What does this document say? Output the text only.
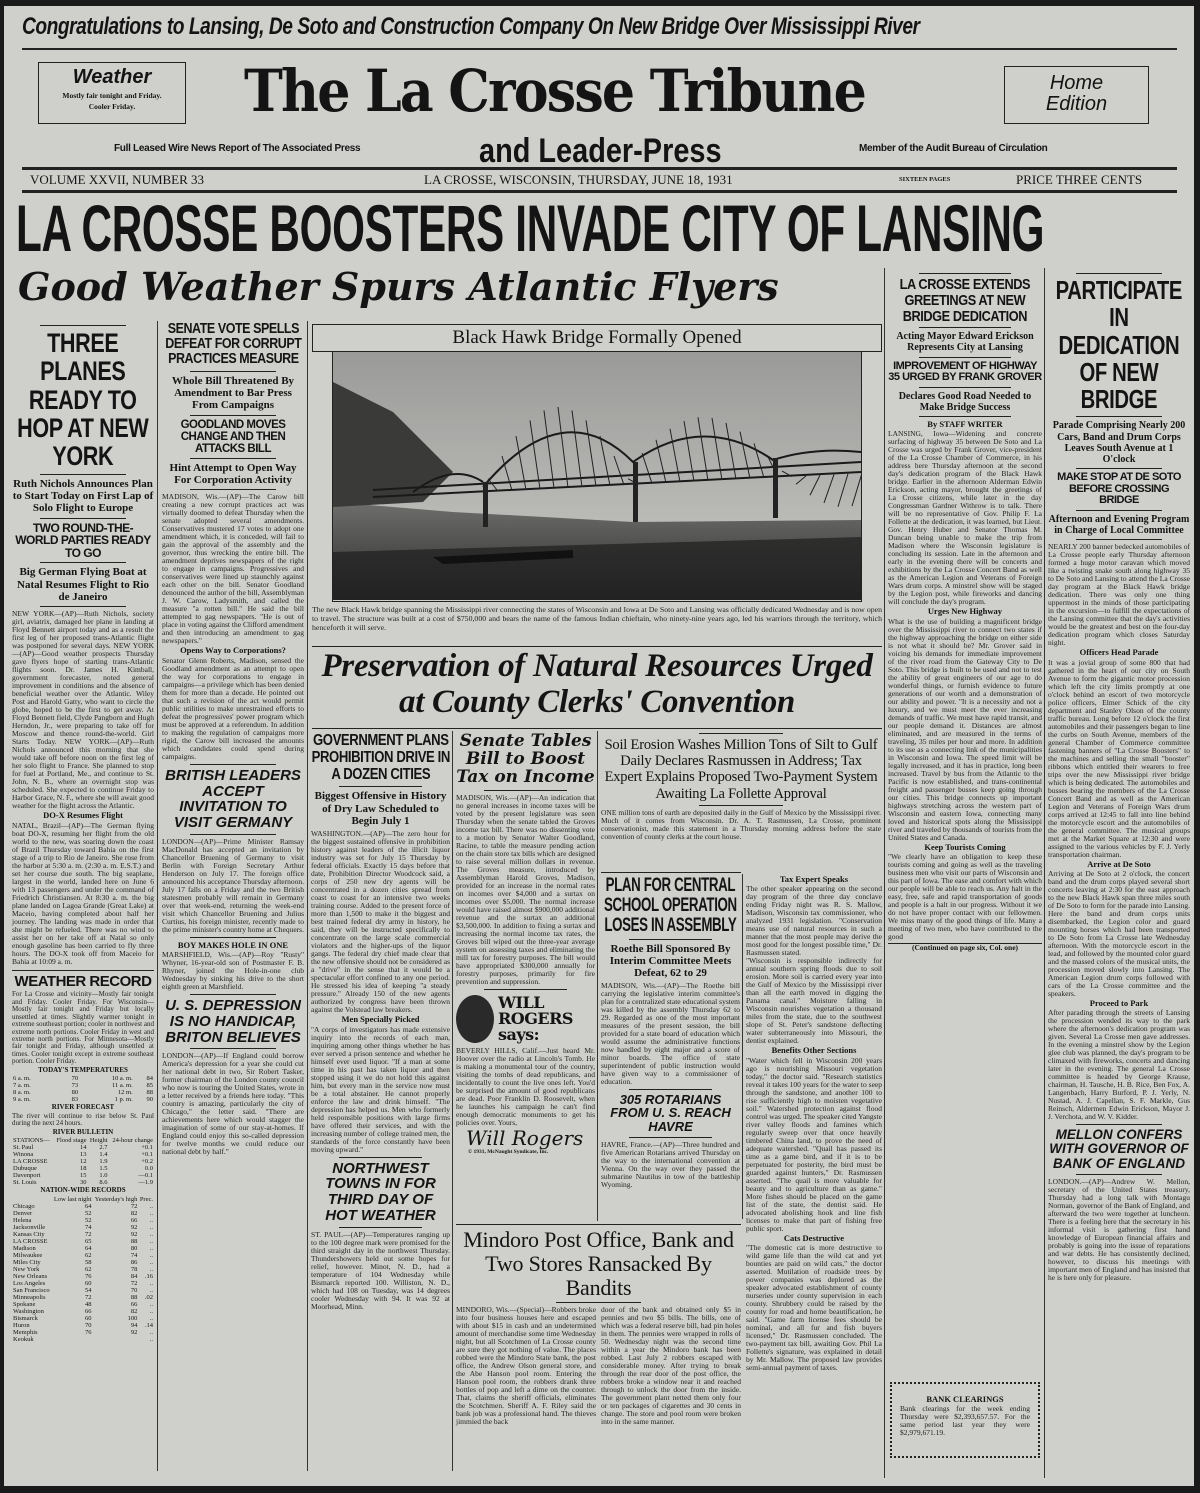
Congratulations to Lansing, De Soto and Construction Company On New Bridge Over Mississippi River
Weather
Mostly fair tonight and Friday. Cooler Friday.	The La Crosse Tribune	Home Edition
Full Leased Wire News Report of The Associated Press	and Leader-Press	Member of the Audit Bureau of Circulation
VOLUME XXVII, NUMBER 33	LA CROSSE, WISCONSIN, THURSDAY, JUNE 18, 1931	SIXTEEN PAGES	PRICE THREE CENTS
LA CROSSE BOOSTERS INVADE CITY OF LANSING
Good Weather Spurs Atlantic Flyers
THREE PLANES READY TO HOP AT NEW YORK
Ruth Nichols Announces Plan to Start Today on First Lap of Solo Flight to Europe
TWO ROUND-THE-WORLD PARTIES READY TO GO
Big German Flying Boat at Natal Resumes Flight to Rio de Janeiro
NEW YORK—(AP)—Ruth Nichols, society girl, aviatrix, damaged her plane in landing at Floyd Bennett airport today and as a result the first leg of her proposed trans-Atlantic flight was postponed for several days. NEW YORK—(AP)—Good weather prospects Thursday gave flyers hope of starting trans-Atlantic flights soon. Dr. James H. Kimball, government forecaster, noted general improvement in conditions and the absence of beneficial weather over the Atlantic. Wiley Post and Harold Gatty, who want to circle the globe, hoped to be the first to get away. At Floyd Bennett field, Clyde Pangborn and Hugh Herndon, Jr., were preparing to take off for Moscow and thence round-the-world. Girl Starts Today. NEW YORK—(AP)—Ruth Nichols announced this morning that she would take off before noon on the first leg of her solo flight to France. She planned to stop for fuel at Portland, Me., and continue to St. John, N. B., where an overnight stop was scheduled. She expected to continue Friday to Harbor Grace, N. F., where she will await good weather for the flight across the Atlantic.
DO-X Resumes Flight
NATAL, Brazil—(AP)—The German flying boat DO-X, resuming her flight from the old world to the new, was soaring down the coast of Brazil Thursday toward Bahia on the first stage of a trip to Rio de Janeiro. She rose from the harbor at 5:30 a. m. (2:30 a. m. E.S.T.) and set her course due south. The big seaplane, largest in the world, landed here on June 6 with 13 passengers and under the command of Friedrich Christiansen. At 8:30 a. m. the big plane landed on Lagoa Grande (Great Lake) at Maceio, having completed about half her journey. The landing was made in order that she might be refueled. There was no wind to assist her on her take off at Natal so only enough gasoline has been carried to fly three hours. The DO-X took off from Maceio for Bahia at 10:09 a. m.
WEATHER RECORD
For La Crosse and vicinity—Mostly fair tonight and Friday. Cooler Friday. For Wisconsin—Mostly fair tonight and Friday but locally unsettled at times. Slightly warmer tonight in extreme southeast portion; cooler in northwest and extreme north portions. Cooler Friday in west and extreme north portions. For Minnesota—Mostly fair tonight and Friday, although unsettled at times. Cooler tonight except in extreme southeast portion. Cooler Friday.
TODAY'S TEMPERATURES
6 a. m.	70	10 a. m.	84
7 a. m.	73	11 a. m.	85
8 a. m.	80	12 m.	88
9 a. m.	83	1 p. m.	90
RIVER FORECAST
The river will continue to rise below St. Paul during the next 24 hours.
RIVER BULLETIN
STATIONS—	Flood stage	Height	24-hour change
St. Paul	14	2.7	+0.1
Winona	13	1.4	+0.1
LA CROSSE	12	1.9	+0.2
Dubuque	18	1.5	0.0
Davenport	15	1.0	—0.1
St. Louis	30	8.6	—1.9
NATION-WIDE RECORDS
	Low last night	Yesterday's high	Prec.
Chicago	64	72	..
Denver	52	82	..
Helena	52	66	..
Jacksonville	74	92	..
Kansas City	72	92	..
LA CROSSE	65	88	..
Madison	64	80	..
Milwaukee	62	74	..
Miles City	58	86	..
New York	62	78	..
New Orleans	76	84	.16
Los Angeles	60	72	..
San Francisco	54	70	..
Minneapolis	72	88	.02
Spokane	48	66	..
Washington	66	82	..
Bismarck	60	100	..
Huron	70	94	.14
Memphis	76	92	..
Keokuk			..
SENATE VOTE SPELLS DEFEAT FOR CORRUPT PRACTICES MEASURE
Whole Bill Threatened By Amendment to Bar Press From Campaigns
GOODLAND MOVES CHANGE AND THEN ATTACKS BILL
Hint Attempt to Open Way For Corporation Activity
MADISON, Wis.—(AP)—The Carow bill creating a new corrupt practices act was virtually doomed to defeat Thursday when the senate adopted several amendments. Conservatives mustered 17 votes to adopt one amendment which, it is conceded, will fail to gain the approval of the assembly and the governor, thus wrecking the entire bill. The amendment deprives newspapers of the right to engage in campaigns. Progressives and conservatives were lined up staunchly against each other on the bill. Senator Goodland denounced the author of the bill, Assemblyman J. W. Carow, Ladysmith, and called the measure "a rotten bill." He said the bill attempted to gag newspapers. "He is out of place in voting against the Clifford amendment and then introducing an amendment to gag newspapers."
Opens Way to Corporations?
Senator Glenn Roberts, Madison, sensed the Goodland amendment as an attempt to open the way for corporations to engage in campaigns—a privilege which has been denied them for more than a decade. He pointed out that such a revision of the act would permit public utilities to make unrestrained efforts to defeat the progressives' power program which must be approved at a referendum. In addition to making the regulation of campaigns more rigid, the Carow bill increased the amounts which candidates could spend during campaigns.
BRITISH LEADERS ACCEPT INVITATION TO VISIT GERMANY
LONDON—(AP)—Prime Minister Ramsay MacDonald has accepted an invitation by Chancellor Bruening of Germany to visit Berlin with Foreign Secretary Arthur Henderson on July 17. The foreign office announced his acceptance Thursday afternoon. July 17 falls on a Friday and the two British statesmen probably will remain in Germany over that week-end, returning the week-end visit which Chancellor Bruening and Julius Curtius, his foreign minister, recently made to the prime minister's country home at Chequers.
BOY MAKES HOLE IN ONE
MARSHFIELD, Wis.—(AP)—Roy "Rusty" Whyner, 16-year-old son of Postmaster F. B. Rhyner, joined the Hole-in-one club Wednesday by sinking his drive to the short eighth green at Marshfield.
U. S. DEPRESSION IS NO HANDICAP, BRITON BELIEVES
LONDON—(AP)—If England could borrow America's depression for a year she could cut her national debt in two, Sir Robert Tasker, former chairman of the London county council who now is touring the United States, wrote in a letter received by a friends here today. "This country is amazing, particularly the city of Chicago," the letter said. "There are achievements here which would stagger the imagination of some of our stay-at-homes. If England could enjoy this so-called depression for twelve months we could reduce our national debt by half."
Black Hawk Bridge Formally Opened
The new Black Hawk bridge spanning the Mississippi river connecting the states of Wisconsin and Iowa at De Soto and Lansing was officially dedicated Wednesday and is now open to travel. The structure was built at a cost of $750,000 and bears the name of the famous Indian chieftain, who ninety-nine years ago, led his warriors through the territory, which henceforth it will serve.
Preservation of Natural Resources Urged at County Clerks' Convention
GOVERNMENT PLANS PROHIBITION DRIVE IN A DOZEN CITIES
Biggest Offensive in History of Dry Law Scheduled to Begin July 1
WASHINGTON.—(AP)—The zero hour for the biggest sustained offensive in prohibition history against leaders of the illicit liquor industry was set for July 15 Thursday by federal officials. Exactly 15 days before that date, Prohibition Director Woodcock said, a corps of 250 new dry agents will be concentrated in a dozen cities spread from coast to coast for an intensive two weeks training course. Added to the present force of more than 1,500 to make it the biggest and best trained federal dry army in history, he said, they will be instructed specifically to concentrate on the large scale commercial violators and the higher-ups of the liquor gangs. The federal dry chief made clear that the new offensive should not be considered as a "drive" in the sense that it would be a spectacular effort confined to any one period. He stressed his idea of keeping "a steady pressure." Already 150 of the new agents authorized by congress have been thrown against the Volstead law breakers.
Men Specially Picked
"A corps of investigators has made extensive inquiry into the records of each man, inquiring among other things whether he has ever served a prison sentence and whether he himself ever used liquor. "If a man at some time in his past has taken liquor and then stopped using it we do not hold this against him, but every man in the service now must be a total abstainer. He cannot properly enforce the law and drink himself. "The depression has helped us. Men who formerly held responsible positions with large firms have offered their services, and with the increasing number of college trained men, the standards of the force constantly have been moving upward."
NORTHWEST TOWNS IN FOR THIRD DAY OF HOT WEATHER
ST. PAUL—(AP)—Temperatures ranging up to the 100 degree mark were promised for the third straight day in the northwest Thursday. Thundershowers held out some hopes for relief, however. Minot, N. D., had a temperature of 104 Wednesday while Bismarck reported 100. Williston, N. D., which had 108 on Tuesday, was 14 degrees cooler Wednesday with 94. It was 92 at Moorhead, Minn.
Senate Tables Bill to Boost Tax on Income
MADISON, Wis.—(AP)—An indication that no general increases in income taxes will be voted by the present legislature was seen Thursday when the senate tabled the Groves income tax bill. There was no dissenting vote to a motion by Senator Walter Goodland, Racine, to table the measure pending action on the chain store tax bills which are designed to raise several million dollars in revenue. The Groves measure, introduced by Assemblyman Harold Groves, Madison, provided for an increase in the normal rates on incomes over $4,000 and a surtax on incomes over $5,000. The normal increase would have raised almost $900,000 additional revenue and the surtax an additional $3,500,000. In addition to fixing a surtax and increasing the normal income tax rates, the Groves bill wiped out the three-year average system on assessing taxes and eliminating the mill tax for forestry purposes. The bill would have appropriated $300,000 annually for forestry purposes, primarily for fire prevention and suppression.
WILL ROGERS says:
BEVERLY HILLS, Calif.—Just heard Mr. Hoover over the radio at Lincoln's Tomb. He is making a monumental tour of the country, visiting the tombs of dead republicans, and incidentally to count the live ones left. You'd be surprised the amount of good republicans are dead. Poor Franklin D. Roosevelt, when he launches his campaign he can't find enough democratic monuments to get his policies over. Yours,
Will Rogers
© 1931, McNaught Syndicate, Inc.
Soil Erosion Washes Million Tons of Silt to Gulf Daily Declares Rasmussen in Address; Tax Expert Explains Proposed Two-Payment System Awaiting La Follette Approval
ONE million tons of earth are deposited daily in the Gulf of Mexico by the Mississippi river. Much of it comes from Wisconsin. Dr. A. T. Rasmussen, La Crosse, prominent conservationist, made this statement in a Thursday morning address before the state convention of county clerks at the court house.
Tax Expert Speaks
The other speaker appearing on the second day program of the three day conclave ending Friday night was R. S. Mallow, Madison, Wisconsin tax commissioner, who analyzed 1931 legislation. "Conservation means use of natural resources in such a manner that the most people may derive the most good for the longest possible time," Dr. Rasmussen stated.
"Wisconsin is responsible indirectly for annual southern spring floods due to soil erosion. More soil is carried every year into the Gulf of Mexico by the Mississippi river than all the earth moved in digging the Panama canal." Moisture falling in Wisconsin nourishes vegetation a thousand miles from the state, due to the southwest slope of St. Peter's sandstone deflecting water subterraneously into Missouri, the dentist explained.
Benefits Other Sections
"Water which fell in Wisconsin 200 years ago is nourishing Missouri vegetation today," the doctor said. "Research statistics reveal it takes 100 years for the water to seep through the sandstone, and another 100 to rise sufficiently high to moisten vegetative soil." Watershed protection against flood control was urged. The speaker cited Yangste river valley floods and famines which regularly sweep over that once heavily timbered China land, to prove the need of adequate watershed. "Quail has passed its time as a game bird, and if it is to be perpetuated for posterity, the bird must be guarded against hunters," Dr. Rasmussen asserted. "The quail is more valuable for beauty and to agriculture than as game." More fishes should be placed on the game list of the state, the dentist said. He advocated abolishing hook and line fish licenses to make that part of fishing free public sport.
Cats Destructive
"The domestic cat is more destructive to wild game life than the wild cat and yet bounties are paid on wild cats," the doctor asserted. Mutilation of roadside trees by power companies was deplored as the speaker advocated establishment of county nurseries under county supervision in each county. Shrubbery could be raised by the county for road and home beautification, he said. "Game farm license fees should be nominal, and all fur and fish buyers licensed," Dr. Rasmussen concluded. The two-payment tax bill, awaiting Gov. Phil La Follette's signature, was explained in detail by Mr. Mallow. The proposed law provides semi-annual payment of taxes.
PLAN FOR CENTRAL SCHOOL OPERATION LOSES IN ASSEMBLY
Roethe Bill Sponsored By Interim Committee Meets Defeat, 62 to 29
MADISON, Wis.—(AP)—The Roethe bill carrying the legislative interim committee's plan for a centralized state educational system was killed by the assembly Thursday 62 to 29. Regarded as one of the most important measures of the present session, the bill provided for a state board of education which would assume the administrative functions now handled by eight major and a score of minor boards. The office of state superintendent of public instruction would have given way to a commissioner of education.
305 ROTARIANS FROM U. S. REACH HAVRE
HAVRE, France.—(AP)—Three hundred and five American Rotarians arrived Thursday on the way to the international convention at Vienna. On the way over they passed the submarine Nautilus in tow of the battleship Wyoming.
Mindoro Post Office, Bank and Two Stores Ransacked By Bandits
MINDORO, Wis.—(Special)—Robbers broke into four business houses here and escaped with about $15 in cash and an undetermined amount of merchandise some time Wednesday night, but all Scotchmen of La Crosse county are sure they got nothing of value. The places robbed were the Mindoro State bank, the post office, the Andrew Olson general store, and the Abe Hanson pool room. Entering the Hanson pool room, the robbers drank three bottles of pop and left a dime on the counter. That, claims the sheriff officials, eliminates the Scotchmen. Sheriff A. F. Riley said the bank job was a professional hand. The thieves jimmied the back
door of the bank and obtained only $5 in pennies and two $5 bills. The bills, one of which was a federal reserve bill, had pin holes in them. The pennies were wrapped in rolls of 50. Wednesday night was the second time within a year the Mindoro bank has been robbed. Last July 2 robbers escaped with considerable money. After trying to break through the rear door of the post office, the robbers broke a window near it and reached through to unlock the door from the inside. The government plant netted them only four or ten packages of cigarettes and 30 cents in change. The store and pool room were broken into in the same manner.
LA CROSSE EXTENDS GREETINGS AT NEW BRIDGE DEDICATION
Acting Mayor Edward Erickson Represents City at Lansing
IMPROVEMENT OF HIGHWAY 35 URGED BY FRANK GROVER
Declares Good Road Needed to Make Bridge Success
By STAFF WRITER
LANSING, Iowa—Widening and concrete surfacing of highway 35 between De Soto and La Crosse was urged by Frank Grover, vice-president of the La Crosse Chamber of Commerce, in his address here Thursday afternoon at the second day's dedication program of the Black Hawk bridge. Earlier in the afternoon Alderman Edwin Erickson, acting mayor, brought the greetings of La Crosse citizens, while later in the day Congressman Gardner Withrow is to talk. There will be no representative of Gov. Philip F. La Follette at the dedication, it was learned, but Lieut. Gov. Henry Huber and Senator Thomas M. Duncan being unable to make the trip from Madison where the Wisconsin legislature is concluding its session. Late in the afternoon and early in the evening there will be concerts and exhibitions by the La Crosse Concert Band as well as the American Legion and Veterans of Foreign Wars drum corps. A minstrel show will be staged by the Legion post, while fireworks and dancing will conclude the day's program.
Urges New Highway
What is the use of building a magnificent bridge over the Mississippi river to connect two states if the highway approaching the bridge on either side is not what it should be? Mr. Grover said in voicing his demands for immediate improvement of the river road from the Gateway City to De Soto. This bridge is built to be used and not to test the ability of great engineers of our age to do wonderful things, or furnish evidence to future generations of our worth and a demonstration of our ability and power. "It is a necessity and not a luxury, and we must meet the ever increasing demands of traffic. We must have rapid transit, and our people demand it. Distances are almost eliminated, and are measured in the terms of traveling, 35 miles per hour and more. In addition to its use as a connecting link of the municipalities in Wisconsin and Iowa. The speed limit will be legally increased, and it has in practice, long been increased. Travel by bus from the Atlantic to the Pacific is now established, and trans-continental freight and passenger busses keep going through our cities. This bridge connects up important highways stretching across the western part of Wisconsin and eastern Iowa, connecting many loved and historical spots along the Mississippi river and traveled by thousands of tourists from the United States and Canada.
Keep Tourists Coming
"We clearly have an obligation to keep these tourists coming and going as well as the traveling business men who visit our parts of Wisconsin and this part of Iowa. The ease and comfort with which our people will be able to reach us. Any halt in the easy, free, safe and rapid transportation of goods and people is a halt in our progress. Without it we do not have proper contact with our fellowmen. We miss many of the good things of life. Many a meeting of two men, who have contributed to the good
(Continued on page six, Col. one)
BANK CLEARINGS
Bank clearings for the week ending Thursday were $2,393,657.57. For the same period last year they were $2,979,671.19.
PARTICIPATE IN DEDICATION OF NEW BRIDGE
Parade Comprising Nearly 200 Cars, Band and Drum Corps Leaves South Avenue at 1 O'clock
MAKE STOP AT DE SOTO BEFORE CROSSING BRIDGE
Afternoon and Evening Program in Charge of Local Committee
NEARLY 200 banner bedecked automobiles of La Crosse people early Thursday afternoon formed a huge motor caravan which moved like a twisting snake south along highway 35 to De Soto and Lansing to attend the La Crosse day program at the Black Hawk bridge dedication. There was only one thing uppermost in the minds of those participating in the excursion—to fulfill the expectations of the Lansing committee that the day's activities would be the greatest and best on the four-day dedication program which closes Saturday night.
Officers Head Parade
It was a jovial group of some 800 that had gathered in the heart of our city on South Avenue to form the gigantic motor procession which left the city limits promptly at one o'clock behind an escort of two motorcycle police officers, Elmer Schick of the city department and Stanley Olson of the county traffic bureau. Long before 12 o'clock the first automobiles and their passengers began to line the curbs on South Avenue, members of the general Chamber of Commerce committee fastening banners of "La Crosse Boosters" to the machines and selling the small "booster" ribbons which entitled their wearers to free trips over the new Mississippi river bridge which is being dedicated. The automobiles and busses bearing the members of the La Crosse Concert Band and as well as the American Legion and Veterans of Foreign Wars drum corps arrived at 12:45 to fall into line behind the motorcycle escort and the automobiles of the general committee. The musical groups met at the Market Square at 12:30 and were assigned to the various vehicles by F. J. Yerly transportation chairman.
Arrive at De Soto
Arriving at De Soto at 2 o'clock, the concert band and the drum corps played several short concerts leaving at 2:30 for the east approach to the new Black Hawk span three miles south of De Soto to form for the parade into Lansing. Here the band and drum corps units disembarked, the Legion color and guard mounting horses which had been transported to De Soto from La Crosse late Wednesday afternoon. With the motorcycle escort in the lead, and followed by the mounted color guard and the massed colors of the musical units, the procession moved slowly into Lansing. The American Legion drum corps followed with cars of the La Crosse committee and the speakers.
Proceed to Park
After parading through the streets of Lansing the procession wended its way to the park where the afternoon's dedication program was given. Several La Crosse men gave addresses. In the evening a minstrel show by the Legion glee club was planned, the day's program to be climaxed with fireworks, concerts and dancing later in the evening. The general La Crosse committee is headed by George Krause, chairman, H. Tausche, H. B. Rice, Ben Fox, A. Langenbach, Harry Burford, P. J. Yerly, N. Nustad, A. J. Capellan, S. F. Markle, Gus Reinsch, Aldermen Edwin Erickson, Mayor J. J. Verchota, and W. V. Kidder.
MELLON CONFERS WITH GOVERNOR OF BANK OF ENGLAND
LONDON.—(AP)—Andrew W. Mellon, secretary of the United States treasury, Thursday had a long talk with Montagu Norman, governor of the Bank of England, and afterward the two were together at luncheon. There is a feeling here that the secretary in his informal visit is gathering first hand knowledge of European financial affairs and probably is going into the issue of reparations and war debts. He has consistently declined, however, to discuss his meetings with important men of England and has insisted that he is here only for pleasure.
